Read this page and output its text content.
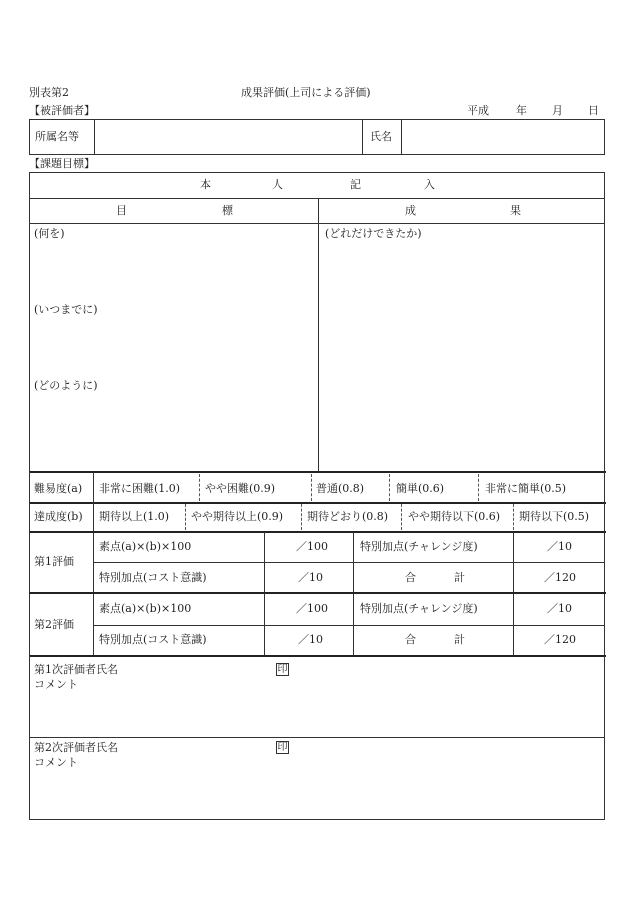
別表第2	成果評価(上司による評価)
【被評価者】	平成 年 月 日
所属名等	氏名
【課題目標】
本	人	記	入
目	標	成	果
(何を)
(いつまでに)
(どのように)
(どれだけできたか)
難易度(a) 非常に困難(1.0) やや困難(0.9)	普通(0.8)	簡単(0.6)	非常に簡単(0.5)
達成度(b) 期待以上(1.0) やや期待以上(0.9) 期待どおり(0.8) やや期待以下(0.6) 期待以下(0.5)
第1評価
素点(a)×(b)×100	／100	特別加点(チャレンジ度)	／10
特別加点(コスト意識)	／10	合	計	／120
第2評価
素点(a)×(b)×100	／100	特別加点(チャレンジ度)	／10
特別加点(コスト意識)	／10	合	計	／120
第1次評価者氏名	印
コメント
第2次評価者氏名	印
コメント
